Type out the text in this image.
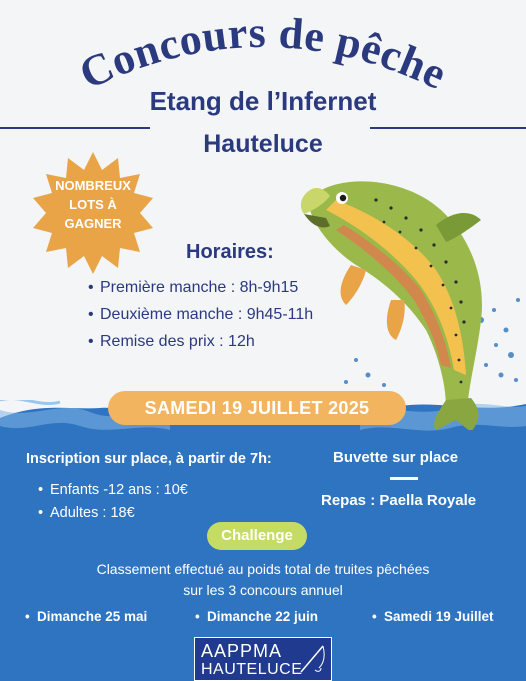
Concours de pêche
Etang de l’Infernet
Hauteluce
NOMBREUX
LOTS À
GAGNER
Horaires:
• Première manche : 8h-9h15
• Deuxième manche : 9h45-11h
• Remise des prix : 12h
SAMEDI 19 JUILLET 2025
Inscription sur place, à partir de 7h:
• Enfants -12 ans : 10€
• Adultes : 18€
Buvette sur place
Repas : Paella Royale
Challenge
Classement effectué au poids total de truites pêchées
sur les 3 concours annuel
• Dimanche 25 mai	• Dimanche 22 juin	• Samedi 19 Juillet
AAPPMA
HAUTELUCE
